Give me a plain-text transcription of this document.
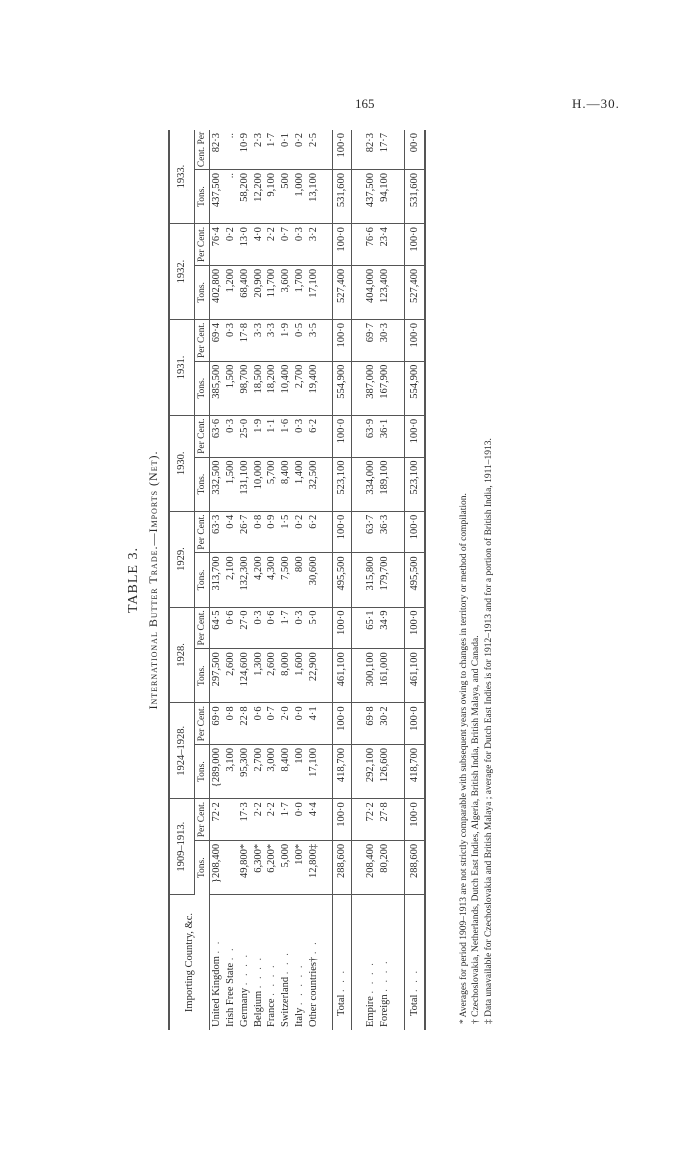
165	H.—30.
TABLE 3. International Butter Trade.—Imports (Net).
Importing Country, &c.	1909–1913.		1924–1928.		1928.		1929.		1930.		1931.		1932.		1933.	
	Tons.	Per Cent.	Tons.	Per Cent.	Tons.	Per Cent.	Tons.	Per Cent.	Tons.	Per Cent.	Tons.	Per Cent.	Tons.	Per Cent.	Tons.	Cent. Per
United Kingdom . .	}208,400	72·2	{289,000	69·0	297,500	64·5	313,700	63·3	332,500	63·6	385,500	69·4	402,800	76·4	437,500	82·3
Irish Free State . .			3,100	0·8	2,600	0·6	2,100	0·4	1,500	0·3	1,500	0·3	1,200	0·2	..	..
Germany . . . .	49,800*	17·3	95,300	22·8	124,600	27·0	132,300	26·7	131,100	25·0	98,700	17·8	68,400	13·0	58,200	10·9
Belgium . . . .	6,300*	2·2	2,700	0·6	1,300	0·3	4,200	0·8	10,000	1·9	18,500	3·3	20,900	4·0	12,200	2·3
France . . . .	6,200*	2·2	3,000	0·7	2,600	0·6	4,300	0·9	5,700	1·1	18,200	3·3	11,700	2·2	9,100	1·7
Switzerland . . .	5,000	1·7	8,400	2·0	8,000	1·7	7,500	1·5	8,400	1·6	10,400	1·9	3,600	0·7	500	0·1
Italy . . . . .	100*	0·0	100	0·0	1,600	0·3	800	0·2	1,400	0·3	2,700	0·5	1,700	0·3	1,000	0·2
Other countries† . .	12,800‡	4·4	17,100	4·1	22,900	5·0	30,600	6·2	32,500	6·2	19,400	3·5	17,100	3·2	13,100	2·5

Total . . .	288,600	100·0	418,700	100·0	461,100	100·0	495,500	100·0	523,100	100·0	554,900	100·0	527,400	100·0	531,600	100·0

Empire . . . .	208,400	72·2	292,100	69·8	300,100	65·1	315,800	63·7	334,000	63·9	387,000	69·7	404,000	76·6	437,500	82·3
Foreign . . . .	80,200	27·8	126,600	30·2	161,000	34·9	179,700	36·3	189,100	36·1	167,900	30·3	123,400	23·4	94,100	17·7

Total . . .	288,600	100·0	418,700	100·0	461,100	100·0	495,500	100·0	523,100	100·0	554,900	100·0	527,400	100·0	531,600	00·0
* Averages for period 1909–1913 are not strictly comparable with subsequent years owing to changes in territory or method of compilation. † Czechoslovakia, Netherlands, Dutch East Indies, Algeria, British India, British Malaya, and Canada. ‡ Data unavailable for Czechoslovakia and British Malaya ; average for Dutch East Indies is for 1912–1913 and for a portion of British India, 1911–1913.
